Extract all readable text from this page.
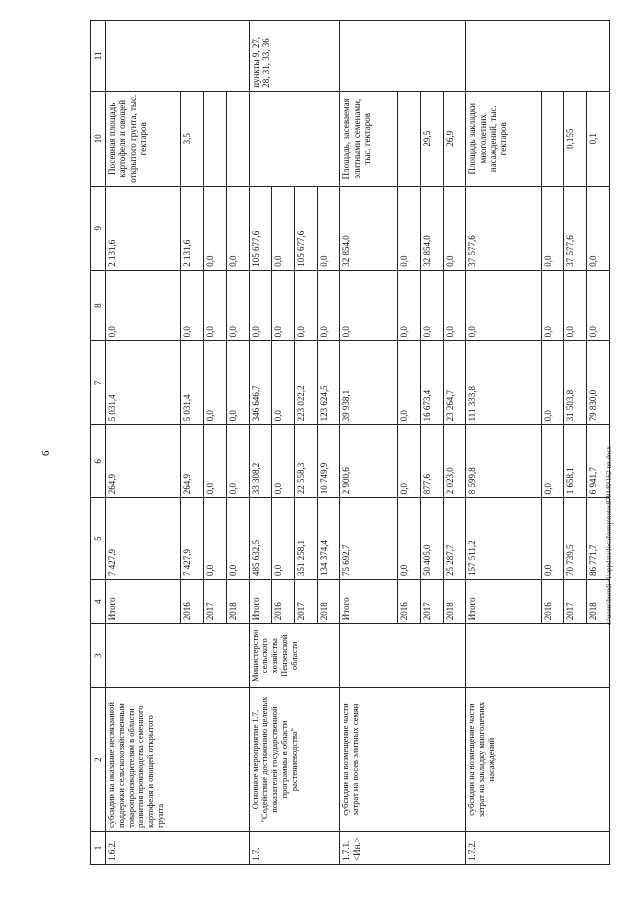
6	c:\users\borodi~1\appdata\local\temp\notes879440\162-nn.docx
1	2	3	4	5	6	7	8	9	10	11
1.6.2.	субсидии на оказание несвязанной поддержки сельскохозяйственным товаропроизводителям в области развития производства семенного картофеля и овощей открытого грунта		Итого	7 427,9	264,9	5 031,4	0,0	2 131,6	Посевная площадь картофеля и овощей открытого грунта, тыс. гектаров	
			2016	7 427,9	264,9	5 031,4	0,0	2 131,6	3,5	
			2017	0,0	0,0	0,0	0,0	0,0		
			2018	0,0	0,0	0,0	0,0	0,0		
1.7.	Основное мероприятие 1.7. "Содействие достижению целевых показателей государственной программы в области растениеводства"	Министерство сельского хозяйства Пензенской области	Итого	485 632,5	33 308,2	346 646,7	0,0	105 677,6		пункты 9, 27, 28, 31, 33, 36
			2016	0,0	0,0	0,0	0,0	0,0		
			2017	351 258,1	22 558,3	223 022,2	0,0	105 677,6		
			2018	134 374,4	10 749,9	123 624,5	0,0	0,0		

1.7.1. <Ин.>	субсидии на возмещение части затрат на посев элитных семян		Итого	75 692,7	2 900,6	39 938,1	0,0	32 854,0	Площадь, засеваемая элитными семенами, тыс. гектаров	
			2016	0,0	0,0	0,0	0,0	0,0		
			2017	50 405,0	877,6	16 673,4	0,0	32 854,0	29,5	
			2018	25 287,7	2 023,0	23 264,7	0,0	0,0	26,9	
1.7.2.	субсидии на возмещение части затрат на закладку многолетних насаждений		Итого	157 511,2	8 599,8	111 333,8	0,0	37 577,6	Площадь закладки многолетних насаждений, тыс. гектаров	
			2016	0,0	0,0	0,0	0,0	0,0		
			2017	70 739,5	1 658,1	31 503,8	0,0	37 577,6	0,155	
			2018	86 771,7	6 941,7	79 830,0	0,0	0,0	0,1	
